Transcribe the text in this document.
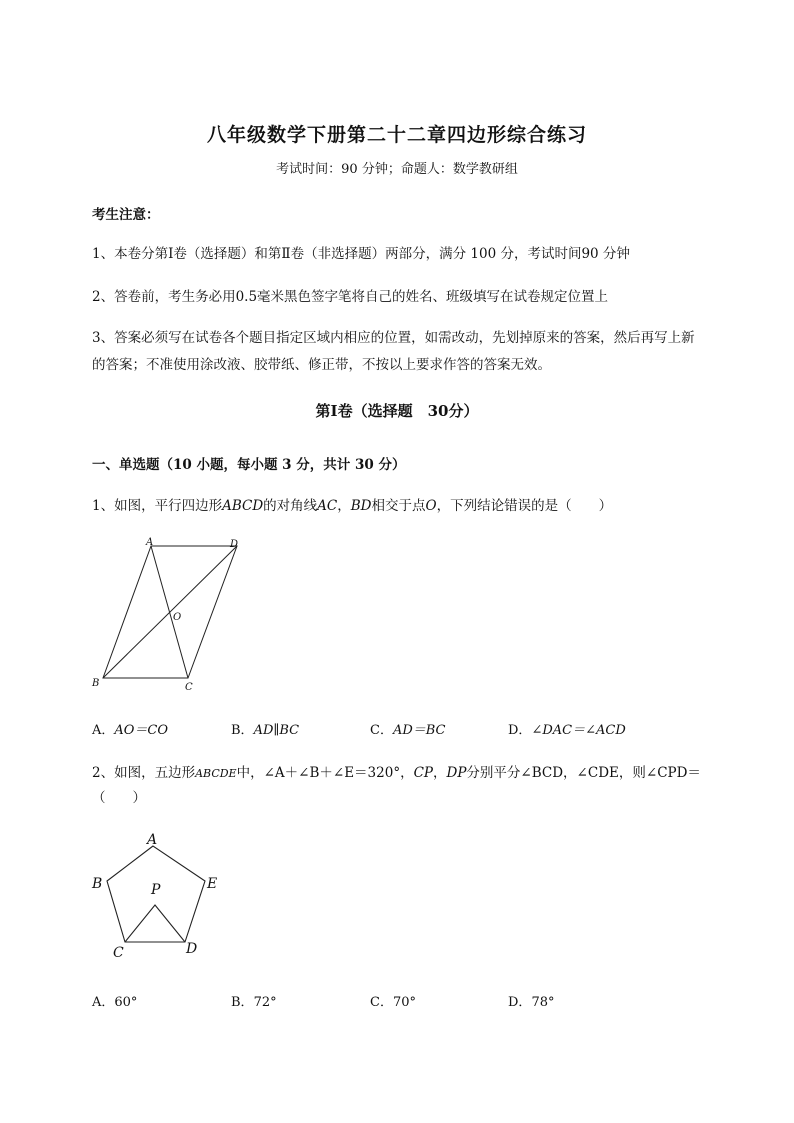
八年级数学下册第二十二章四边形综合练习
考试时间：90 分钟；命题人：数学教研组
考生注意：
1、本卷分第Ⅰ卷（选择题）和第Ⅱ卷（非选择题）两部分，满分 100 分，考试时间90 分钟
2、答卷前，考生务必用0.5毫米黑色签字笔将自己的姓名、班级填写在试卷规定位置上
3、答案必须写在试卷各个题目指定区域内相应的位置，如需改动，先划掉原来的答案，然后再写上新
的答案；不准使用涂改液、胶带纸、修正带，不按以上要求作答的答案无效。
第Ⅰ卷（选择题　30分）
一、单选题（10 小题，每小题 3 分，共计 30 分）
1、如图，平行四边形ABCD的对角线AC，BD相交于点O，下列结论错误的是（　　）
A	D
O
B	C
A．AO＝CO	B．AD∥BC	C．AD＝BC	D．∠DAC＝∠ACD
2、如图，五边形ABCDE中，∠A＋∠B＋∠E＝320°，CP，DP分别平分∠BCD，∠CDE，则∠CPD＝
（　　）
A
B	E
P
C	D
A．60°	B．72°	C．70°	D．78°
